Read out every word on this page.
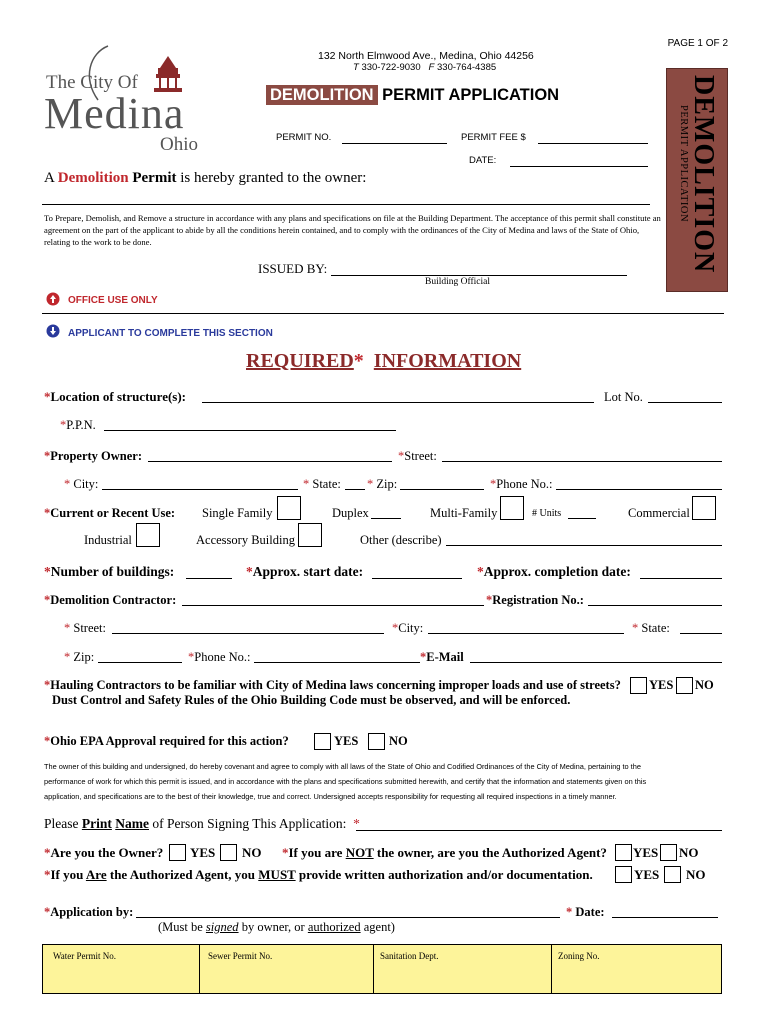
PAGE 1 OF 2
The City Of
Medina
Ohio
132 North Elmwood Ave., Medina, Ohio 44256
T 330-722-9030 F 330-764-4385
DEMOLITION PERMIT APPLICATION	DEMOLITION
PERMIT APPLICATION
PERMIT NO.	PERMIT FEE $
DATE:
A Demolition Permit is hereby granted to the owner:
To Prepare, Demolish, and Remove a structure in accordance with any plans and specifications on file at the Building Department. The acceptance of this permit shall constitute an agreement on the part of the applicant to abide by all the conditions herein contained, and to comply with the ordinances of the City of Medina and laws of the State of Ohio, relating to the work to be done.
ISSUED BY:
Building Official
OFFICE USE ONLY
APPLICANT TO COMPLETE THIS SECTION
REQUIRED* INFORMATION
*Location of structure(s):	Lot No.
*P.P.N.
*Property Owner:	*Street:
* City:	* State: * Zip:	*Phone No.:
*Current or Recent Use: Single Family	Duplex	Multi-Family	# Units	Commercial
Industrial	Accessory Building	Other (describe)
*Number of buildings:	*Approx. start date:	*Approx. completion date:
*Demolition Contractor:	*Registration No.:
* Street:	*City:	* State:
* Zip:	*Phone No.:	*E-Mail
*Hauling Contractors to be familiar with City of Medina laws concerning improper loads and use of streets? YES NO
Dust Control and Safety Rules of the Ohio Building Code must be observed, and will be enforced.
*Ohio EPA Approval required for this action?	YES NO
The owner of this building and undersigned, do hereby covenant and agree to comply with all laws of the State of Ohio and Codified Ordinances of the City of Medina, pertaining to the
performance of work for which this permit is issued, and in accordance with the plans and specifications submitted herewith, and certify that the information and statements given on this
application, and specifications are to the best of their knowledge, true and correct. Undersigned accepts responsibility for requesting all required inspections in a timely manner.
Please Print Name of Person Signing This Application: *
*Are you the Owner? YES NO *If you are NOT the owner, are you the Authorized Agent? YES NO
*If you Are the Authorized Agent, you MUST provide written authorization and/or documentation.	YES NO
*Application by:	* Date:
(Must be signed by owner, or authorized agent)
Water Permit No.	Sewer Permit No.	Sanitation Dept.	Zoning No.
